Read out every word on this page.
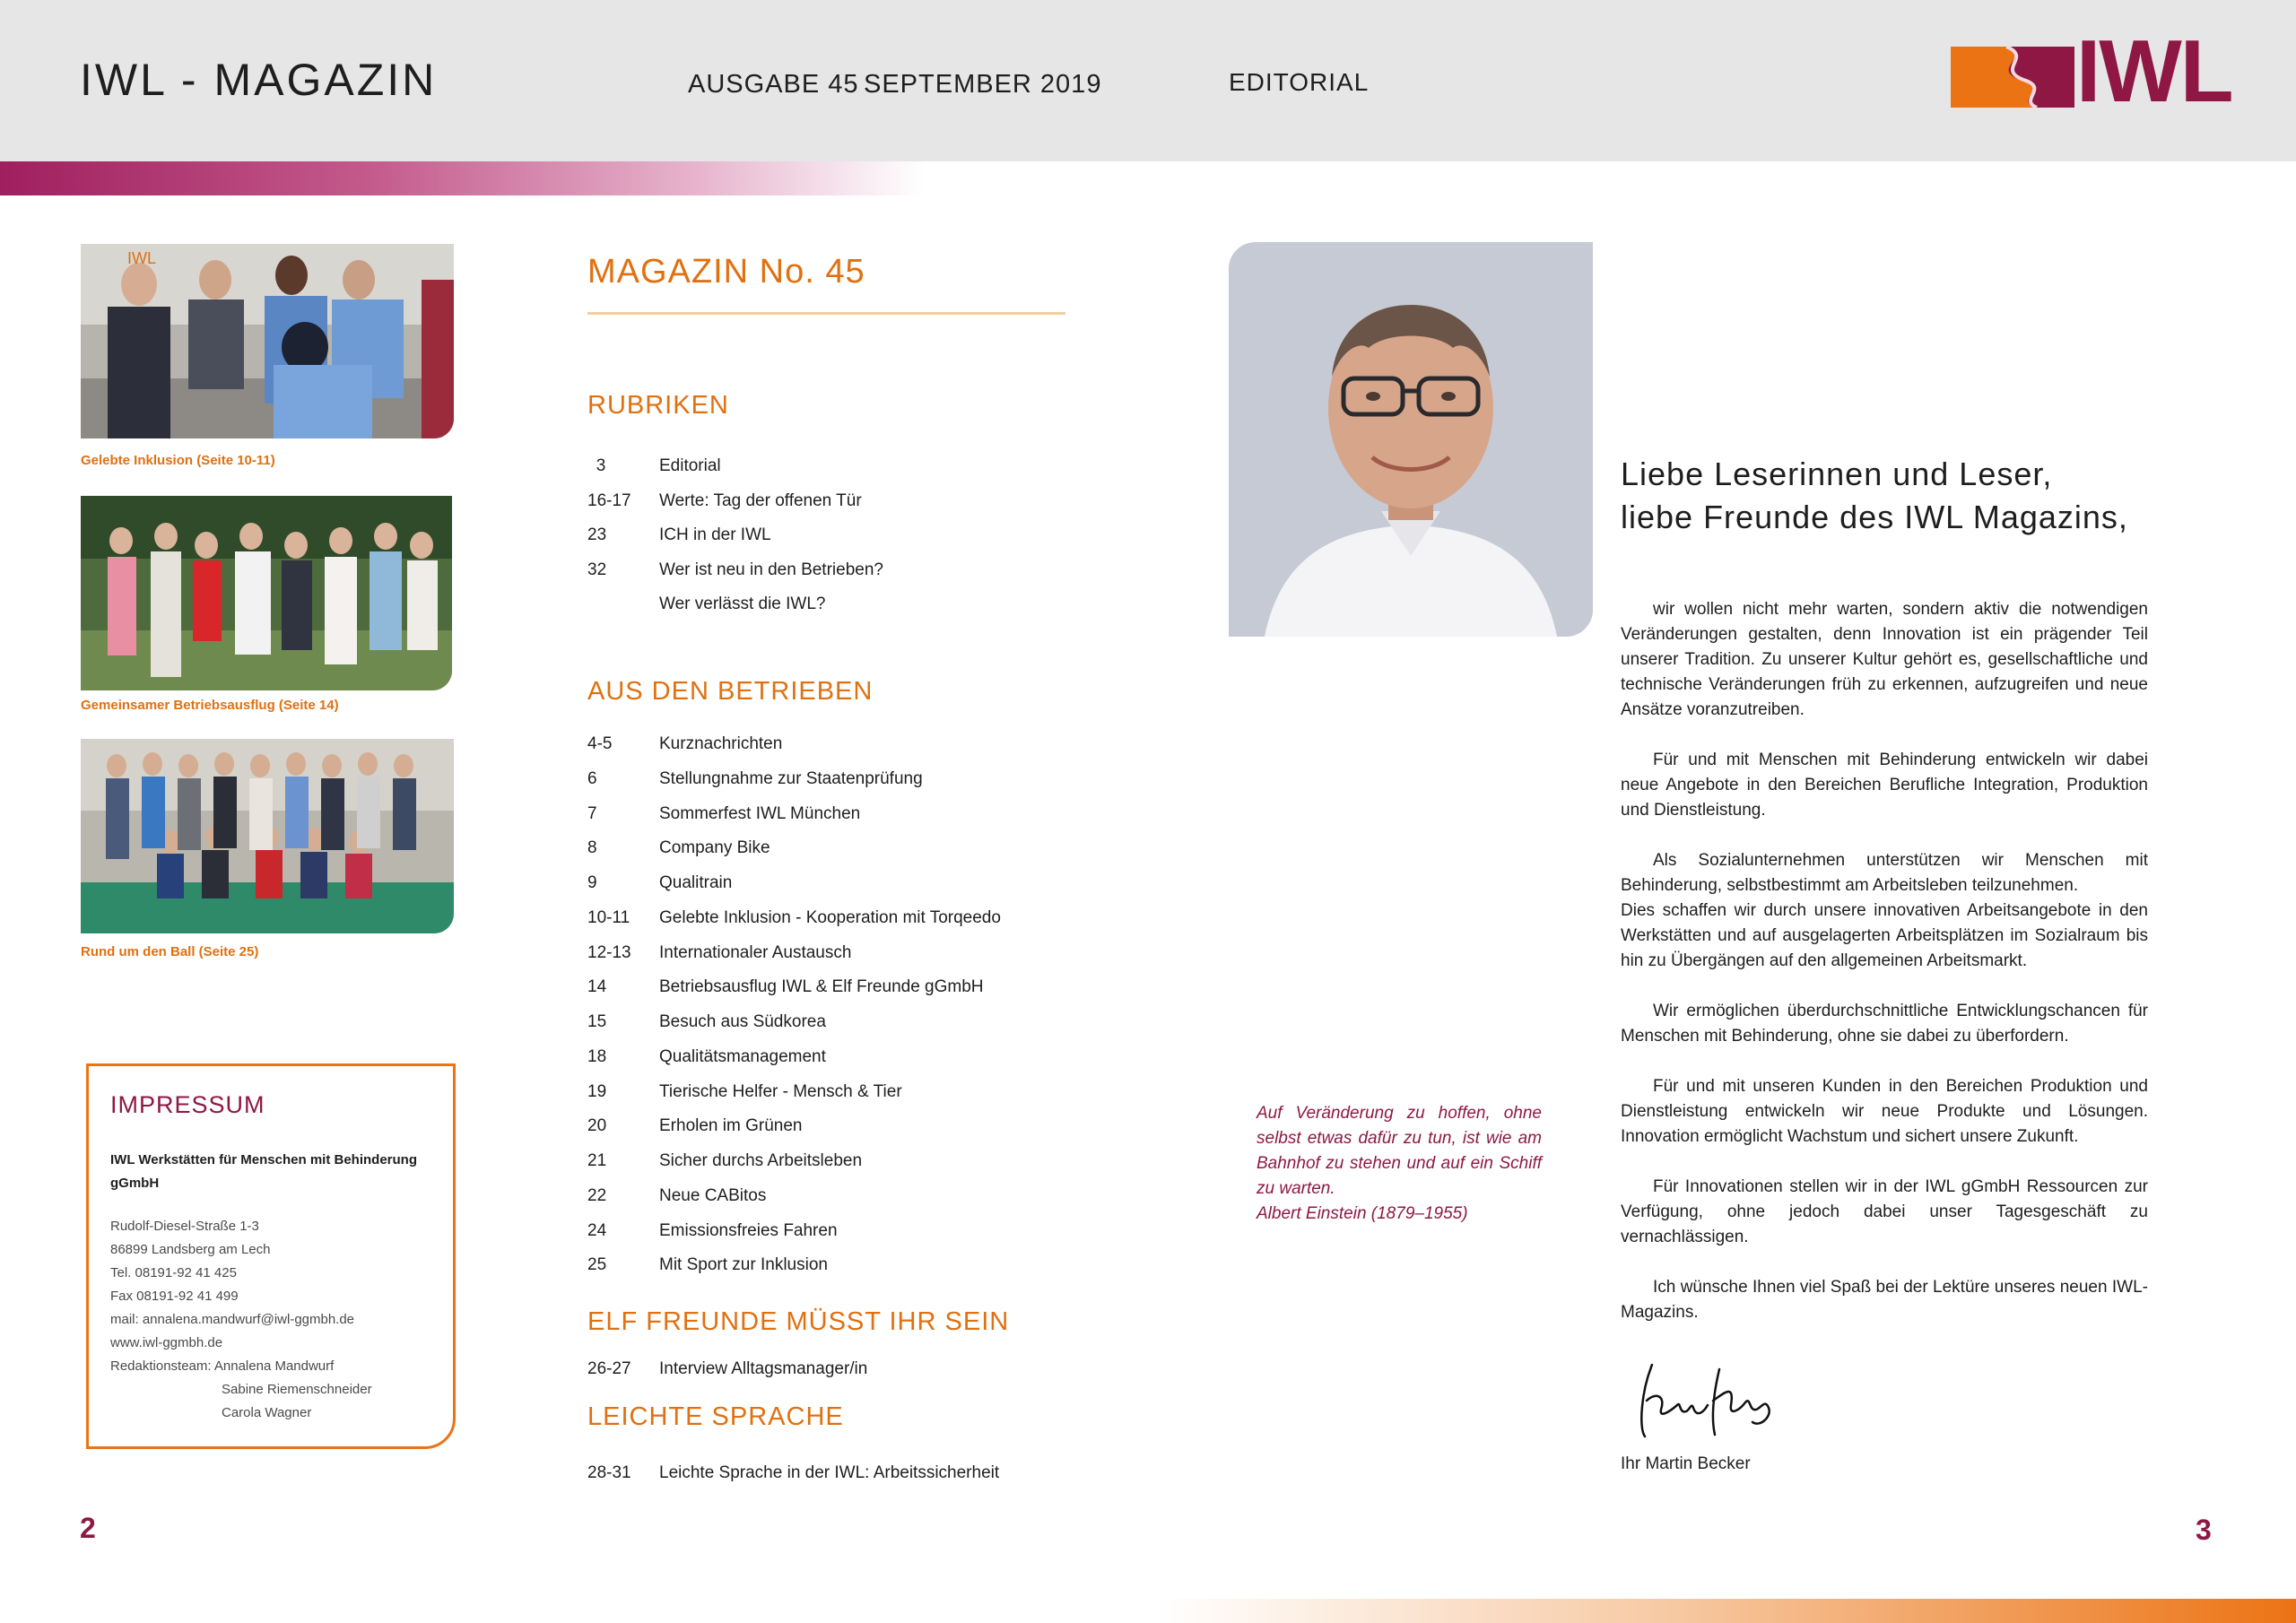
IWL - MAGAZIN	AUSGABE 45 SEPTEMBER 2019	EDITORIAL	IWL
IWL
Gelebte Inklusion (Seite 10-11)
Gemeinsamer Betriebsausflug (Seite 14)
Rund um den Ball (Seite 25)
IMPRESSUM
IWL Werkstätten für Menschen mit Behinderung gGmbH
Rudolf-Diesel-Straße 1-3
86899 Landsberg am Lech
Tel. 08191-92 41 425
Fax 08191-92 41 499
mail: annalena.mandwurf@iwl-ggmbh.de
www.iwl-ggmbh.de
Redaktionsteam: Annalena Mandwurf
Sabine Riemenschneider
Carola Wagner
2	3
MAGAZIN No. 45
RUBRIKEN
3	Editorial
16-17	Werte: Tag der offenen Tür
23	ICH in der IWL
32	Wer ist neu in den Betrieben?
Wer verlässt die IWL?
AUS DEN BETRIEBEN
4-5	Kurznachrichten
6	Stellungnahme zur Staatenprüfung
7	Sommerfest IWL München
8	Company Bike
9	Qualitrain
10-11	Gelebte Inklusion - Kooperation mit Torqeedo
12-13	Internationaler Austausch
14	Betriebsausflug IWL & Elf Freunde gGmbH
15	Besuch aus Südkorea
18	Qualitätsmanagement
19	Tierische Helfer - Mensch & Tier
20	Erholen im Grünen
21	Sicher durchs Arbeitsleben
22	Neue CABitos
24	Emissionsfreies Fahren
25	Mit Sport zur Inklusion
ELF FREUNDE MÜSST IHR SEIN
26-27	Interview Alltagsmanager/in
LEICHTE SPRACHE
28-31	Leichte Sprache in der IWL: Arbeitssicherheit
Auf Veränderung zu hoffen, ohne selbst etwas dafür zu tun, ist wie am Bahnhof zu stehen und auf ein Schiff zu warten.
Albert Einstein (1879–1955)
Liebe Leserinnen und Leser,
liebe Freunde des IWL Magazins,

wir wollen nicht mehr warten, sondern aktiv die notwendigen Veränderungen gestalten, denn Innovation ist ein prägender Teil unserer Tradition. Zu unserer Kultur gehört es, gesellschaftliche und technische Veränderungen früh zu erkennen, aufzugreifen und neue Ansätze voranzutreiben.

Für und mit Menschen mit Behinderung entwickeln wir dabei neue Angebote in den Bereichen Berufliche Integration, Produktion und Dienstleistung.

Als Sozialunternehmen unterstützen wir Menschen mit Behinderung, selbstbestimmt am Arbeitsleben teilzunehmen.

Dies schaffen wir durch unsere innovativen Arbeitsangebote in den Werkstätten und auf ausgelagerten Arbeitsplätzen im Sozialraum bis hin zu Übergängen auf den allgemeinen Arbeitsmarkt.

Wir ermöglichen überdurchschnittliche Entwicklungschancen für Menschen mit Behinderung, ohne sie dabei zu überfordern.

Für und mit unseren Kunden in den Bereichen Produktion und Dienstleistung entwickeln wir neue Produkte und Lösungen. Innovation ermöglicht Wachstum und sichert unsere Zukunft.

Für Innovationen stellen wir in der IWL gGmbH Ressourcen zur Verfügung, ohne jedoch dabei unser Tagesgeschäft zu vernachlässigen.

Ich wünsche Ihnen viel Spaß bei der Lektüre unseres neuen IWL-Magazins.

Ihr Martin Becker
